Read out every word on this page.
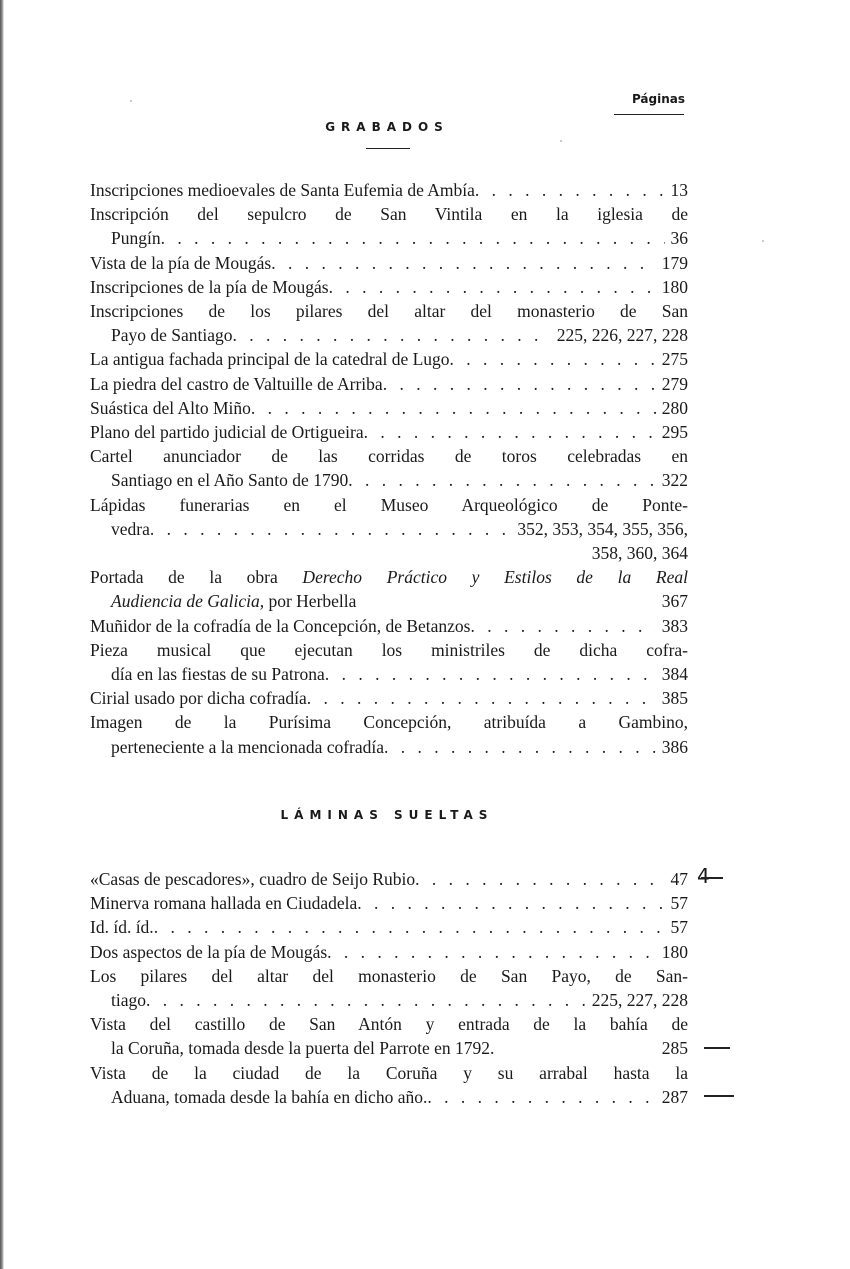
Páginas
GRABADOS
Inscripciones medioevales de Santa Eufemia de Ambía . . .	13
Inscripción del sepulcro de San Vintila en la iglesia de
Pungín . . .	36
Vista de la pía de Mougás . . .	179
Inscripciones de la pía de Mougás . . .	180
Inscripciones de los pilares del altar del monasterio de San
Payo de Santiago . . .	225, 226, 227, 228
La antigua fachada principal de la catedral de Lugo . . .	275
La piedra del castro de Valtuille de Arriba . . .	279
Suástica del Alto Miño . . .	280
Plano del partido judicial de Ortigueira . . .	295
Cartel anunciador de las corridas de toros celebradas en
Santiago en el Año Santo de 1790 . . .	322
Lápidas funerarias en el Museo Arqueológico de Ponte-
vedra . . .	352, 353, 354, 355, 356,
358, 360, 364
Portada de la obra Derecho Práctico y Estilos de la Real
Audiencia de Galicia, por Herbella	367
Muñidor de la cofradía de la Concepción, de Betanzos . . .	383
Pieza musical que ejecutan los ministriles de dicha cofra-
día en las fiestas de su Patrona . . .	384
Cirial usado por dicha cofradía . . .	385
Imagen de la Purísima Concepción, atribuída a Gambino,
perteneciente a la mencionada cofradía . . .	386
LÁMINAS SUELTAS
«Casas de pescadores», cuadro de Seijo Rubio . . .	47
Minerva romana hallada en Ciudadela . . .	57
Id. íd. íd. . . .	57
Dos aspectos de la pía de Mougás . . .	180
Los pilares del altar del monasterio de San Payo, de San-
tiago . . .	225, 227, 228
Vista del castillo de San Antón y entrada de la bahía de
la Coruña, tomada desde la puerta del Parrote en 1792.	285
Vista de la ciudad de la Coruña y su arrabal hasta la
Aduana, tomada desde la bahía en dicho año. . . .	287
4
